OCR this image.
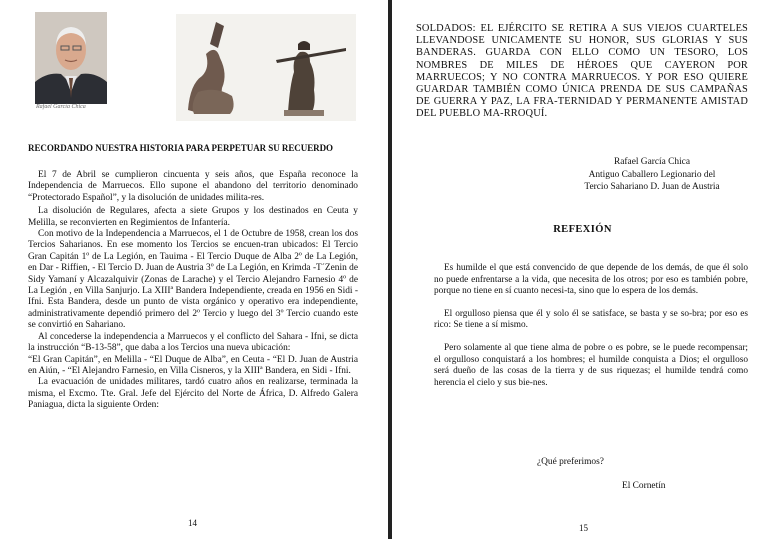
Rafael García Chica
RECORDANDO NUESTRA HISTORIA PARA PERPETUAR SU RECUERDO

El 7 de Abril se cumplieron cincuenta y seis años, que España reconoce la Independencia de Marruecos. Ello supone el abandono del territorio denominado “Protectorado Español”, y la disolución de unidades milita-res.

La disolución de Regulares, afecta a siete Grupos y los destinados en Ceuta y Melilla, se reconvierten en Regimientos de Infantería.

Con motivo de la Independencia a Marruecos, el 1 de Octubre de 1958, crean los dos Tercios Saharianos. En ese momento los Tercios se encuen-tran ubicados: El Tercio Gran Capitán 1º de La Legión, en Tauima - El Tercio Duque de Alba 2º de La Legión, en Dar - Riffien, - El Tercio D. Juan de Austria 3º de La Legión, en Krimda -T´Zenin de Sidy Yamaní y Alcazalquivir (Zonas de Larache) y el Tercio Alejandro Farnesio 4º de La Legión , en Villa Sanjurjo. La XIIIª Bandera Independiente, creada en 1956 en Sidi - Ifni. Esta Bandera, desde un punto de vista orgánico y operativo era independiente, administrativamente dependió primero del 2º Tercio y luego del 3º Tercio cuando este se convirtió en Sahariano.

Al concederse la independencia a Marruecos y el conflicto del Sahara - Ifni, se dicta la instrucción “B-13-58”, que daba a los Tercios una nueva ubicación:

“El Gran Capitán”, en Melilla - “El Duque de Alba”, en Ceuta - “El D. Juan de Austria en Aiún, - “El Alejandro Farnesio, en Villa Cisneros, y la XIIIª Bandera, en Sidi - Ifni.

La evacuación de unidades militares, tardó cuatro años en realizarse, terminada la misma, el Excmo. Tte. Gral. Jefe del Ejército del Norte de África, D. Alfredo Galera Paniagua, dicta la siguiente Orden:

14
SOLDADOS: EL EJÉRCITO SE RETIRA A SUS VIEJOS CUARTELES LLEVANDOSE UNICAMENTE SU HONOR, SUS GLORIAS Y SUS BANDERAS. GUARDA CON ELLO COMO UN TESORO, LOS NOMBRES DE MILES DE HÉROES QUE CAYERON POR MARRUECOS; Y NO CONTRA MARRUECOS. Y POR ESO QUIERE GUARDAR TAMBIÉN COMO ÚNICA PRENDA DE SUS CAMPAÑAS DE GUERRA Y PAZ, LA FRA-TERNIDAD Y PERMANENTE AMISTAD DEL PUEBLO MA-RROQUÍ.
Rafael García Chica
Antiguo Caballero Legionario del
Tercio Sahariano D. Juan de Austria
REFEXIÓN

Es humilde el que está convencido de que depende de los demás, de que él solo no puede enfrentarse a la vida, que necesita de los otros; por eso es también pobre, porque no tiene en sí cuanto necesi-ta, sino que lo espera de los demás.

El orgulloso piensa que él y solo él se satisface, se basta y se so-bra; por eso es rico: Se tiene a sí mismo.

Pero solamente al que tiene alma de pobre o es pobre, se le puede recompensar; el orgulloso conquistará a los hombres; el humilde conquista a Dios; el orgulloso será dueño de las cosas de la tierra y de sus riquezas; el humilde tendrá como herencia el cielo y sus bie-nes.

¿Qué preferimos?
El Cornetín
15
